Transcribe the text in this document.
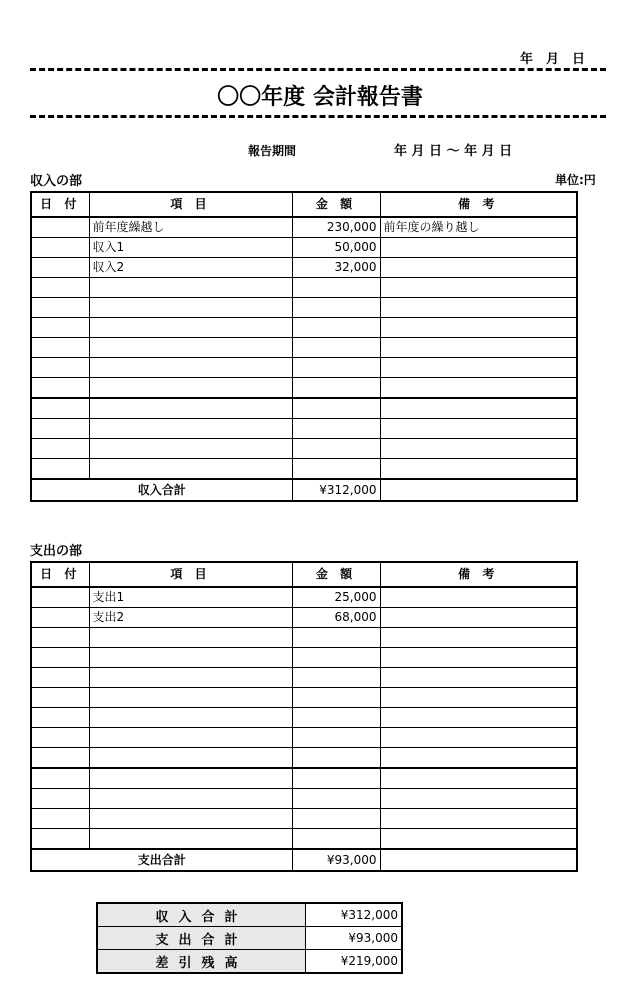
年　月　日
〇〇年度 会計報告書
報告期間	年 月 日 ～ 年 月 日
収入の部	単位:円
日 付	項 目	金 額	備 考
	前年度繰越し	230,000	前年度の繰り越し
	収入1	50,000	
	収入2	32,000	

収入合計		¥312,000	
支出の部
日 付	項 目	金 額	備 考
	支出1	25,000	
	支出2	68,000	

支出合計		¥93,000	
収入合計	¥312,000
支出合計	¥93,000
差引残高	¥219,000
